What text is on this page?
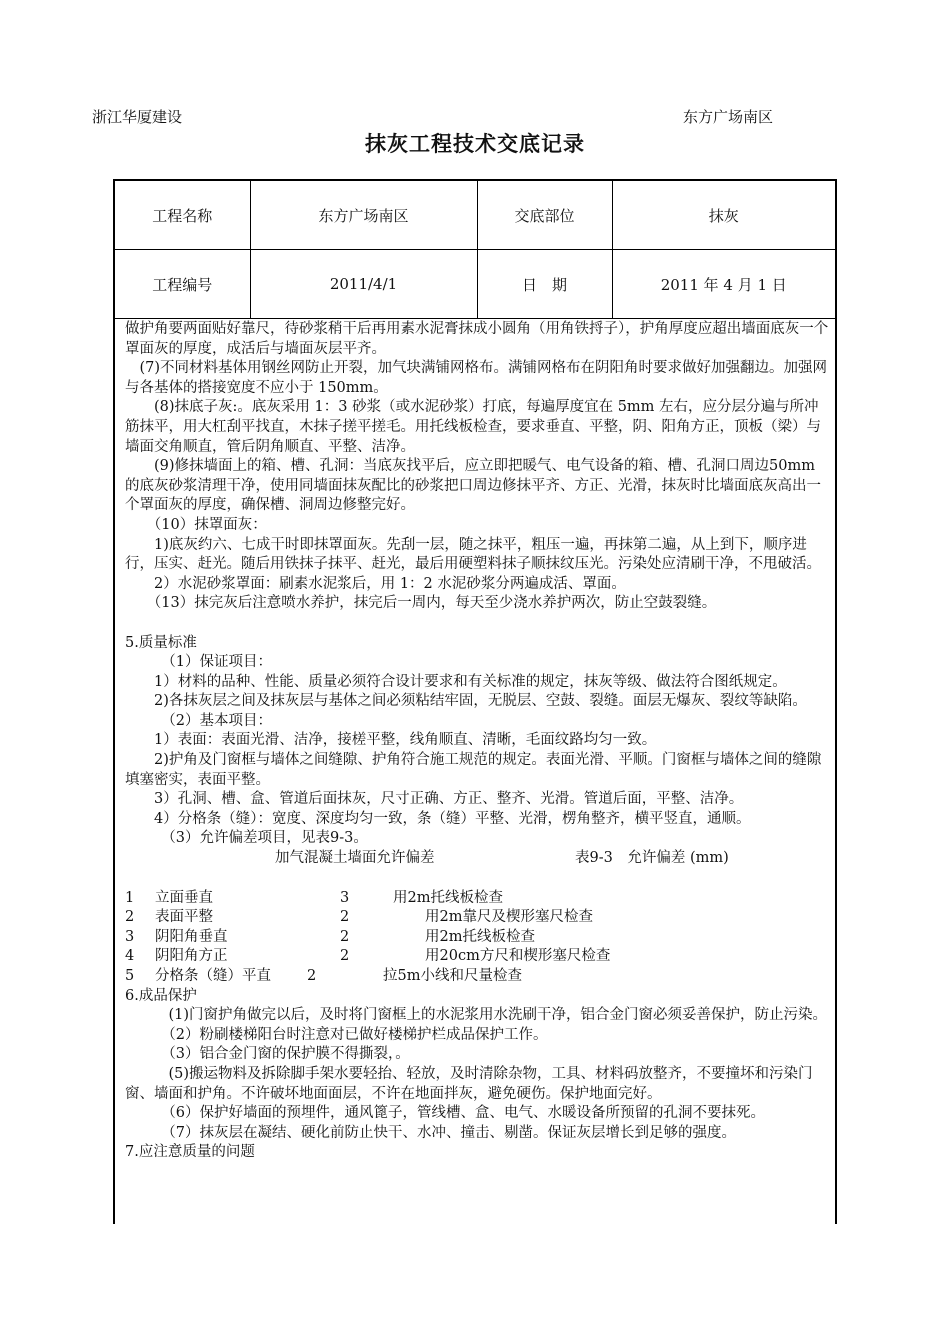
浙江华厦建设	东方广场南区
抹灰工程技术交底记录
工程名称	东方广场南区	交底部位	抹灰
工程编号	2011/4/1	日　期	2011 年 4 月 1 日

做护角要两面贴好靠尺，待砂浆稍干后再用素水泥膏抹成小圆角（用角铁捋子），护角厚度应超出墙面底灰一个罩面灰的厚度，成活后与墙面灰层平齐。

　(7)不同材料基体用钢丝网防止开裂，加气块满铺网格布。满铺网格布在阴阳角时要求做好加强翻边。加强网与各基体的搭接宽度不应小于 150mm。

　　(8)抹底子灰:。底灰采用 1：3 砂浆（或水泥砂浆）打底，每遍厚度宜在 5mm 左右，应分层分遍与所冲筋抹平，用大杠刮平找直，木抹子搓平搓毛。用托线板检查，要求垂直、平整，阴、阳角方正，顶板（梁）与墙面交角顺直，管后阴角顺直、平整、洁净。

　　(9)修抹墙面上的箱、槽、孔洞：当底灰找平后，应立即把暖气、电气设备的箱、槽、孔洞口周边50mm 的底灰砂浆清理干净，使用同墙面抹灰配比的砂浆把口周边修抹平齐、方正、光滑，抹灰时比墙面底灰高出一个罩面灰的厚度，确保槽、洞周边修整完好。

　　（10）抹罩面灰：

　　1)底灰约六、七成干时即抹罩面灰。先刮一层，随之抹平，粗压一遍，再抹第二遍，从上到下，顺序进行，压实、赶光。随后用铁抹子抹平、赶光，最后用硬塑料抹子顺抹纹压光。污染处应清刷干净，不甩破活。

　　2）水泥砂浆罩面：刷素水泥浆后，用 1：2 水泥砂浆分两遍成活、罩面。

　　（13）抹完灰后注意喷水养护，抹完后一周内，每天至少浇水养护两次，防止空鼓裂缝。

5.质量标准

　　　（1）保证项目：

　　1）材料的品种、性能、质量必须符合设计要求和有关标准的规定，抹灰等级、做法符合图纸规定。

　　2)各抹灰层之间及抹灰层与基体之间必须粘结牢固，无脱层、空鼓、裂缝。面层无爆灰、裂纹等缺陷。

　　　（2）基本项目：

　　1）表面：表面光滑、洁净，接槎平整，线角顺直、清晰，毛面纹路均匀一致。

　　2)护角及门窗框与墙体之间缝隙、护角符合施工规范的规定。表面光滑、平顺。门窗框与墙体之间的缝隙填塞密实，表面平整。

　　3）孔洞、槽、盒、管道后面抹灰，尺寸正确、方正、整齐、光滑。管道后面，平整、洁净。

　　4）分格条（缝）：宽度、深度均匀一致，条（缝）平整、光滑，楞角整齐，横平竖直，通顺。

　　　（3）允许偏差项目，见表9-3。

加气混凝土墙面允许偏差	表9-3　允许偏差 (mm)
1 立面垂直	3	用2m托线板检查
2 表面平整	2	用2m靠尺及楔形塞尺检查
3 阴阳角垂直	2	用2m托线板检查
4 阴阳角方正	2	用20cm方尺和楔形塞尺检查
5 分格条（缝）平直 2	拉5m小线和尺量检查

6.成品保护

　　　(1)门窗护角做完以后，及时将门窗框上的水泥浆用水洗刷干净，铝合金门窗必须妥善保护，防止污染。

　　　（2）粉刷楼梯阳台时注意对已做好楼梯护栏成品保护工作。

　　　（3）铝合金门窗的保护膜不得撕裂，。

　　　(5)搬运物料及拆除脚手架水要轻抬、轻放，及时清除杂物，工具、材料码放整齐，不要撞坏和污染门窗、墙面和护角。不许破坏地面面层，不许在地面拌灰，避免硬伤。保护地面完好。

　　　（6）保护好墙面的预埋件，通风篦子，管线槽、盒、电气、水暖设备所预留的孔洞不要抹死。

　　　（7）抹灰层在凝结、硬化前防止快干、水冲、撞击、剔凿。保证灰层增长到足够的强度。

7.应注意质量的问题
